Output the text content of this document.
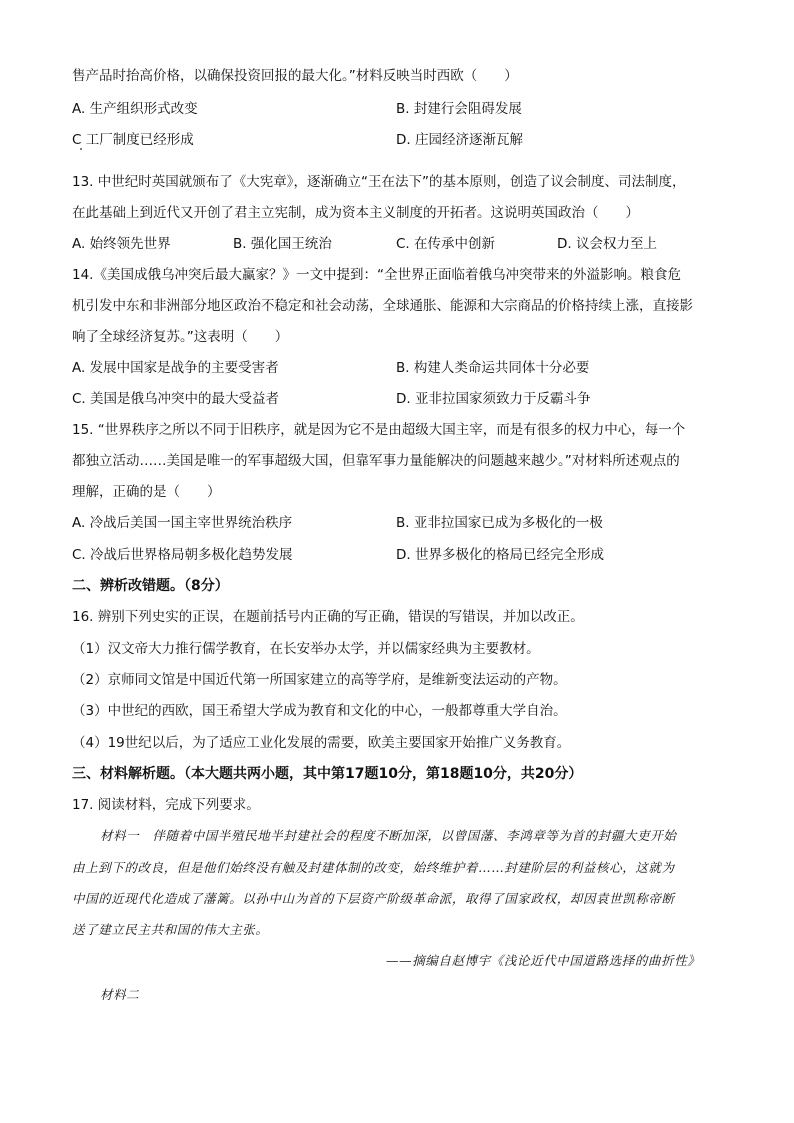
售产品时抬高价格，以确保投资回报的最大化。”材料反映当时西欧（　　）
A. 生产组织形式改变	B. 封建行会阻碍发展
C 工厂制度已经形成	D. 庄园经济逐渐瓦解
13. 中世纪时英国就颁布了《大宪章》，逐渐确立“王在法下”的基本原则，创造了议会制度、司法制度，
在此基础上到近代又开创了君主立宪制，成为资本主义制度的开拓者。这说明英国政治（　　）
A. 始终领先世界	B. 强化国王统治	C. 在传承中创新	D. 议会权力至上
14.《美国成俄乌冲突后最大赢家？》一文中提到：“全世界正面临着俄乌冲突带来的外溢影响。粮食危
机引发中东和非洲部分地区政治不稳定和社会动荡，全球通胀、能源和大宗商品的价格持续上涨，直接影
响了全球经济复苏。”这表明（　　）
A. 发展中国家是战争的主要受害者	B. 构建人类命运共同体十分必要
C. 美国是俄乌冲突中的最大受益者	D. 亚非拉国家须致力于反霸斗争
15. “世界秩序之所以不同于旧秩序，就是因为它不是由超级大国主宰，而是有很多的权力中心，每一个
都独立活动……美国是唯一的军事超级大国，但靠军事力量能解决的问题越来越少。”对材料所述观点的
理解，正确的是（　　）
A. 冷战后美国一国主宰世界统治秩序	B. 亚非拉国家已成为多极化的一极
C. 冷战后世界格局朝多极化趋势发展	D. 世界多极化的格局已经完全形成
二、辨析改错题。（8分）
16. 辨别下列史实的正误，在题前括号内正确的写正确，错误的写错误，并加以改正。
（1）汉文帝大力推行儒学教育，在长安举办太学，并以儒家经典为主要教材。
（2）京师同文馆是中国近代第一所国家建立的高等学府，是维新变法运动的产物。
（3）中世纪的西欧，国王希望大学成为教育和文化的中心，一般都尊重大学自治。
（4）19世纪以后，为了适应工业化发展的需要，欧美主要国家开始推广义务教育。
三、材料解析题。（本大题共两小题，其中第17题10分，第18题10分，共20分）
17. 阅读材料，完成下列要求。
材料一　伴随着中国半殖民地半封建社会的程度不断加深，以曾国藩、李鸿章等为首的封疆大吏开始
由上到下的改良，但是他们始终没有触及封建体制的改变，始终维护着……封建阶层的利益核心，这就为
中国的近现代化造成了藩篱。以孙中山为首的下层资产阶级革命派，取得了国家政权，却因袁世凯称帝断
送了建立民主共和国的伟大主张。
——摘编自赵博宇《浅论近代中国道路选择的曲折性》
材料二
